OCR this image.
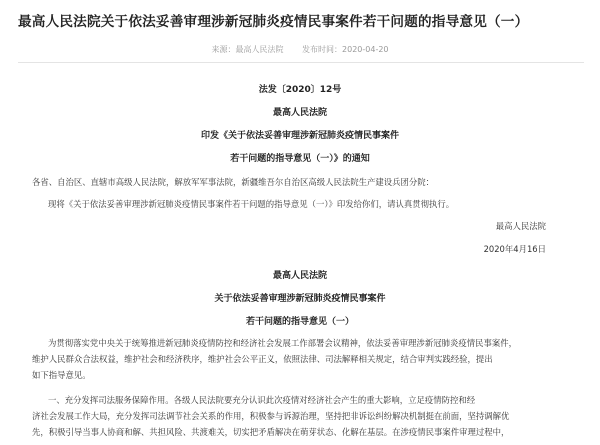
最高人民法院关于依法妥善审理涉新冠肺炎疫情民事案件若干问题的指导意见（一）
来源：最高人民法院 发布时间：2020-04-20
法发〔2020〕12号
最高人民法院
印发《关于依法妥善审理涉新冠肺炎疫情民事案件
若干问题的指导意见（一）》的通知
各省、自治区、直辖市高级人民法院，解放军军事法院，新疆维吾尔自治区高级人民法院生产建设兵团分院：
现将《关于依法妥善审理涉新冠肺炎疫情民事案件若干问题的指导意见（一）》印发给你们，请认真贯彻执行。
最高人民法院
2020年4月16日
最高人民法院
关于依法妥善审理涉新冠肺炎疫情民事案件
若干问题的指导意见（一）
为贯彻落实党中央关于统筹推进新冠肺炎疫情防控和经济社会发展工作部署会议精神，依法妥善审理涉新冠肺炎疫情民事案件，
维护人民群众合法权益，维护社会和经济秩序，维护社会公平正义，依照法律、司法解释相关规定，结合审判实践经验，提出
如下指导意见。
一、充分发挥司法服务保障作用。各级人民法院要充分认识此次疫情对经济社会产生的重大影响，立足疫情防控和经
济社会发展工作大局，充分发挥司法调节社会关系的作用，积极参与诉源治理，坚持把非诉讼纠纷解决机制挺在前面，坚持调解优
先，积极引导当事人协商和解、共担风险、共渡难关，切实把矛盾解决在萌芽状态、化解在基层。在涉疫情民事案件审理过程中，
